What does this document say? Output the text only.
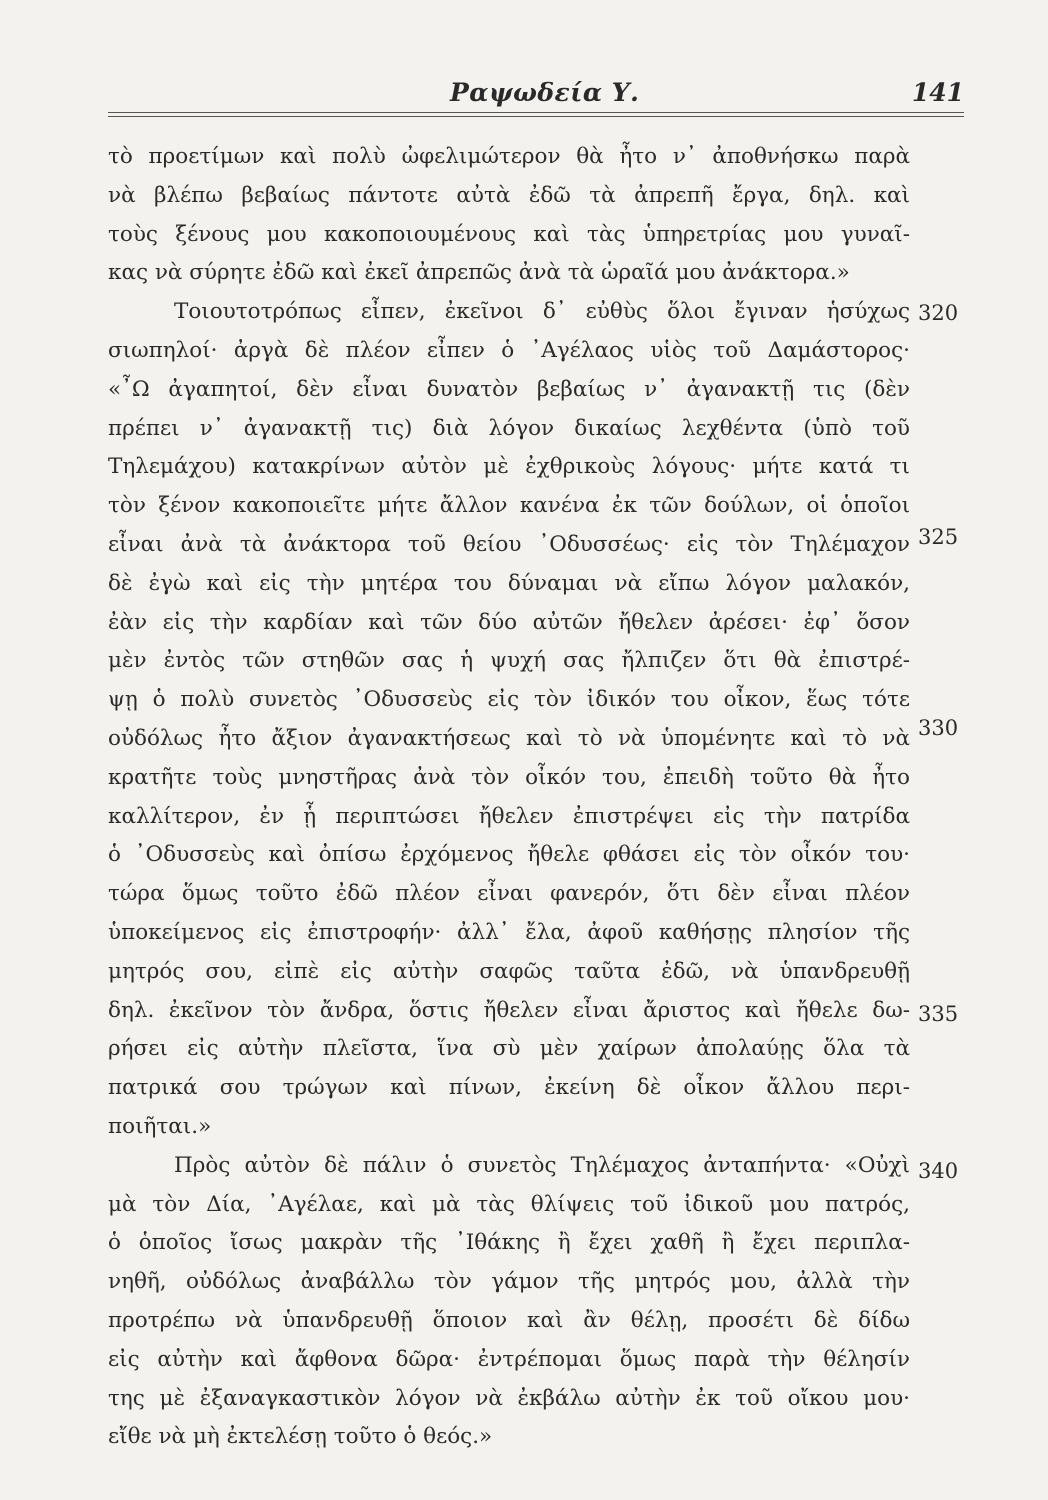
Ραψωδεία Υ.	141
τὸ προετίμων καὶ πολὺ ὠφελιμώτερον θὰ ἦτο ν᾽ ἀποθνήσκω παρὰ
νὰ βλέπω βεβαίως πάντοτε αὐτὰ ἐδῶ τὰ ἀπρεπῆ ἔργα, δηλ. καὶ
τοὺς ξένους μου κακοποιουμένους καὶ τὰς ὑπηρετρίας μου γυναῖ-
κας νὰ σύρητε ἐδῶ καὶ ἐκεῖ ἀπρεπῶς ἀνὰ τὰ ὡραῖά μου ἀνάκτορα.»
Τοιουτοτρόπως εἶπεν, ἐκεῖνοι δ᾽ εὐθὺς ὅλοι ἔγιναν ἡσύχως
σιωπηλοί· ἀργὰ δὲ πλέον εἶπεν ὁ ᾽Αγέλαος υἱὸς τοῦ Δαμάστορος·
«῏Ω ἀγαπητοί, δὲν εἶναι δυνατὸν βεβαίως ν᾽ ἀγανακτῇ τις (δὲν
πρέπει ν᾽ ἀγανακτῇ τις) διὰ λόγον δικαίως λεχθέντα (ὑπὸ τοῦ
Τηλεμάχου) κατακρίνων αὐτὸν μὲ ἐχθρικοὺς λόγους· μήτε κατά τι
τὸν ξένον κακοποιεῖτε μήτε ἄλλον κανένα ἐκ τῶν δούλων, οἱ ὁποῖοι
εἶναι ἀνὰ τὰ ἀνάκτορα τοῦ θείου ᾽Οδυσσέως· εἰς τὸν Τηλέμαχον
δὲ ἐγὼ καὶ εἰς τὴν μητέρα του δύναμαι νὰ εἴπω λόγον μαλακόν,
ἐὰν εἰς τὴν καρδίαν καὶ τῶν δύο αὐτῶν ἤθελεν ἀρέσει· ἐφ᾽ ὅσον
μὲν ἐντὸς τῶν στηθῶν σας ἡ ψυχή σας ἤλπιζεν ὅτι θὰ ἐπιστρέ-
ψῃ ὁ πολὺ συνετὸς ᾽Οδυσσεὺς εἰς τὸν ἰδικόν του οἶκον, ἕως τότε
οὐδόλως ἦτο ἄξιον ἀγανακτήσεως καὶ τὸ νὰ ὑπομένητε καὶ τὸ νὰ
κρατῆτε τοὺς μνηστῆρας ἀνὰ τὸν οἶκόν του, ἐπειδὴ τοῦτο θὰ ἦτο
καλλίτερον, ἐν ᾗ περιπτώσει ἤθελεν ἐπιστρέψει εἰς τὴν πατρίδα
ὁ ᾽Οδυσσεὺς καὶ ὀπίσω ἐρχόμενος ἤθελε φθάσει εἰς τὸν οἶκόν του·
τώρα ὅμως τοῦτο ἐδῶ πλέον εἶναι φανερόν, ὅτι δὲν εἶναι πλέον
ὑποκείμενος εἰς ἐπιστροφήν· ἀλλ᾽ ἔλα, ἀφοῦ καθήσῃς πλησίον τῆς
μητρός σου, εἰπὲ εἰς αὐτὴν σαφῶς ταῦτα ἐδῶ, νὰ ὑπανδρευθῇ
δηλ. ἐκεῖνον τὸν ἄνδρα, ὅστις ἤθελεν εἶναι ἄριστος καὶ ἤθελε δω-
ρήσει εἰς αὐτὴν πλεῖστα, ἵνα σὺ μὲν χαίρων ἀπολαύῃς ὅλα τὰ
πατρικά σου τρώγων καὶ πίνων, ἐκείνη δὲ οἶκον ἄλλου περι-
ποιῆται.»
Πρὸς αὐτὸν δὲ πάλιν ὁ συνετὸς Τηλέμαχος ἀνταπήντα· «Οὐχὶ
μὰ τὸν Δία, ᾽Αγέλαε, καὶ μὰ τὰς θλίψεις τοῦ ἰδικοῦ μου πατρός,
ὁ ὁποῖος ἴσως μακρὰν τῆς ᾽Ιθάκης ἢ ἔχει χαθῆ ἢ ἔχει περιπλα-
νηθῆ, οὐδόλως ἀναβάλλω τὸν γάμον τῆς μητρός μου, ἀλλὰ τὴν
προτρέπω νὰ ὑπανδρευθῇ ὅποιον καὶ ἂν θέλῃ, προσέτι δὲ δίδω
εἰς αὐτὴν καὶ ἄφθονα δῶρα· ἐντρέπομαι ὅμως παρὰ τὴν θέλησίν
της μὲ ἐξαναγκαστικὸν λόγον νὰ ἐκβάλω αὐτὴν ἐκ τοῦ οἴκου μου·
εἴθε νὰ μὴ ἐκτελέσῃ τοῦτο ὁ θεός.»
320
325
330
335
340
